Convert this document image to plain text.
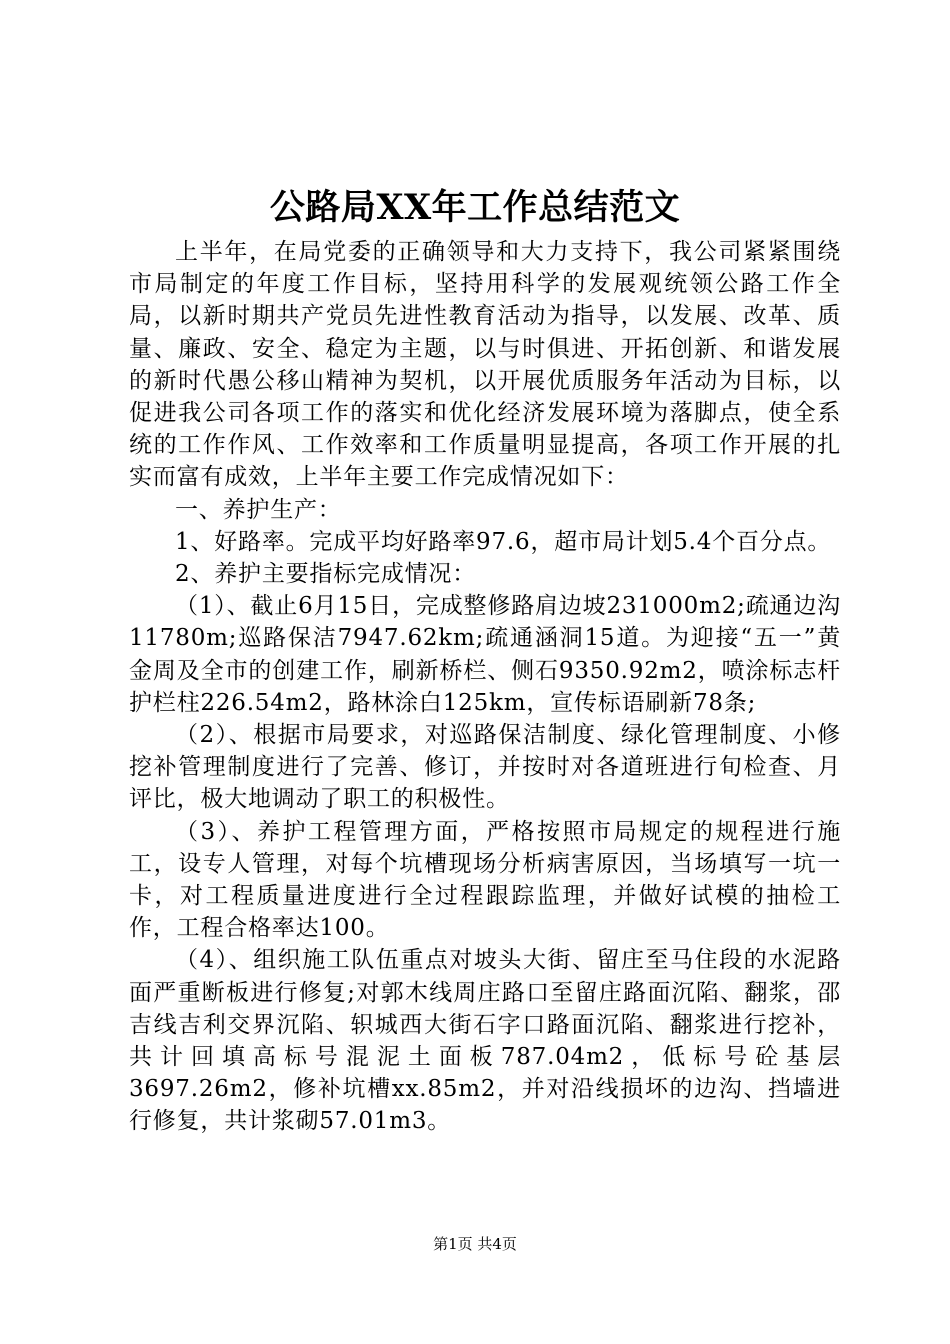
公路局XX年工作总结范文

上半年，在局党委的正确领导和大力支持下，我公司紧紧围绕市局制定的年度工作目标，坚持用科学的发展观统领公路工作全局，以新时期共产党员先进性教育活动为指导，以发展、改革、质量、廉政、安全、稳定为主题，以与时俱进、开拓创新、和谐发展的新时代愚公移山精神为契机，以开展优质服务年活动为目标，以促进我公司各项工作的落实和优化经济发展环境为落脚点，使全系统的工作作风、工作效率和工作质量明显提高，各项工作开展的扎实而富有成效，上半年主要工作完成情况如下：

一、养护生产：

1、好路率。完成平均好路率97.6，超市局计划5.4个百分点。

2、养护主要指标完成情况：

（1）、截止6月15日，完成整修路肩边坡231000m2;疏通边沟11780m;巡路保洁7947.62km;疏通涵洞15道。为迎接“五一”黄金周及全市的创建工作，刷新桥栏、侧石9350.92m2，喷涂标志杆护栏柱226.54m2，路林涂白125km，宣传标语刷新78条;

（2）、根据市局要求，对巡路保洁制度、绿化管理制度、小修挖补管理制度进行了完善、修订，并按时对各道班进行旬检查、月评比，极大地调动了职工的积极性。

（3）、养护工程管理方面，严格按照市局规定的规程进行施工，设专人管理，对每个坑槽现场分析病害原因，当场填写一坑一卡，对工程质量进度进行全过程跟踪监理，并做好试模的抽检工作，工程合格率达100。

（4）、组织施工队伍重点对坡头大街、留庄至马住段的水泥路面严重断板进行修复;对郭木线周庄路口至留庄路面沉陷、翻浆，邵吉线吉利交界沉陷、轵城西大街石字口路面沉陷、翻浆进行挖补，共计回填高标号混泥土面板787.04m2，低标号砼基层3697.26m2，修补坑槽xx.85m2，并对沿线损坏的边沟、挡墙进行修复，共计浆砌57.01m3。

第1页 共4页
